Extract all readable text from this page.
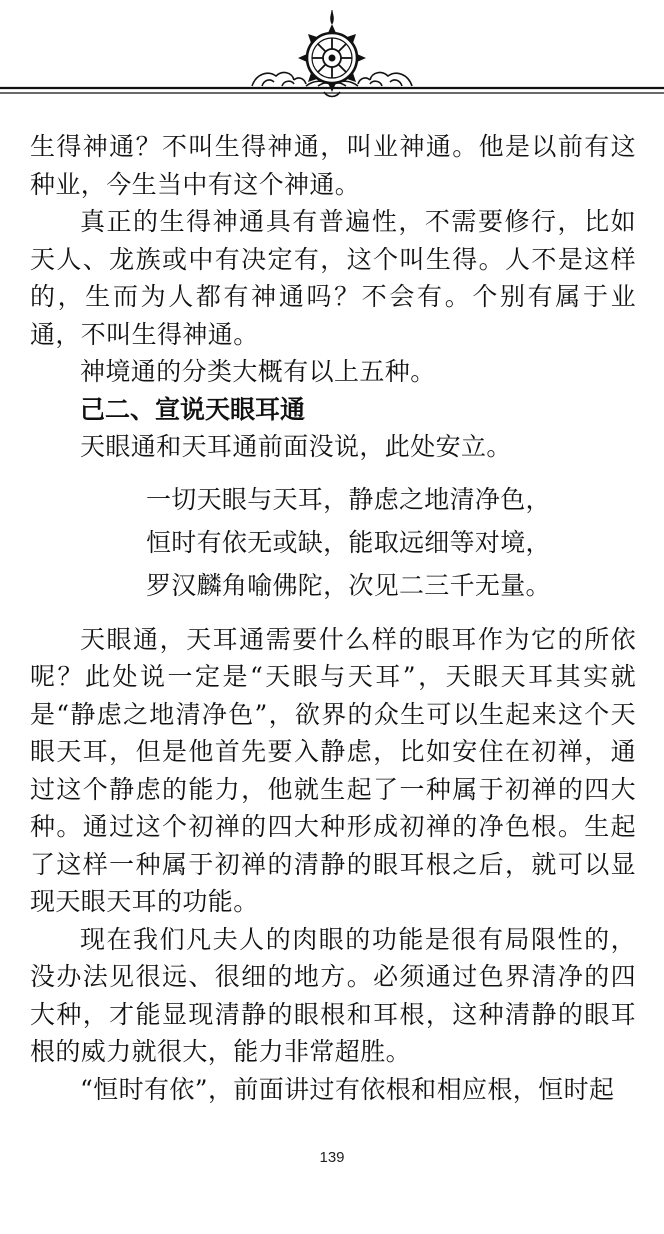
生得神通？不叫生得神通，叫业神通。他是以前有这种业，今生当中有这个神通。

真正的生得神通具有普遍性，不需要修行，比如天人、龙族或中有决定有，这个叫生得。人不是这样的，生而为人都有神通吗？不会有。个别有属于业通，不叫生得神通。

神境通的分类大概有以上五种。

己二、宣说天眼耳通

天眼通和天耳通前面没说，此处安立。

一切天眼与天耳，静虑之地清净色，

恒时有依无或缺，能取远细等对境，

罗汉麟角喻佛陀，次见二三千无量。

天眼通，天耳通需要什么样的眼耳作为它的所依呢？此处说一定是“天眼与天耳”，天眼天耳其实就是“静虑之地清净色”，欲界的众生可以生起来这个天眼天耳，但是他首先要入静虑，比如安住在初禅，通过这个静虑的能力，他就生起了一种属于初禅的四大种。通过这个初禅的四大种形成初禅的净色根。生起了这样一种属于初禅的清静的眼耳根之后，就可以显现天眼天耳的功能。

现在我们凡夫人的肉眼的功能是很有局限性的，没办法见很远、很细的地方。必须通过色界清净的四大种，才能显现清静的眼根和耳根，这种清静的眼耳根的威力就很大，能力非常超胜。

“恒时有依”，前面讲过有依根和相应根，恒时起

139
